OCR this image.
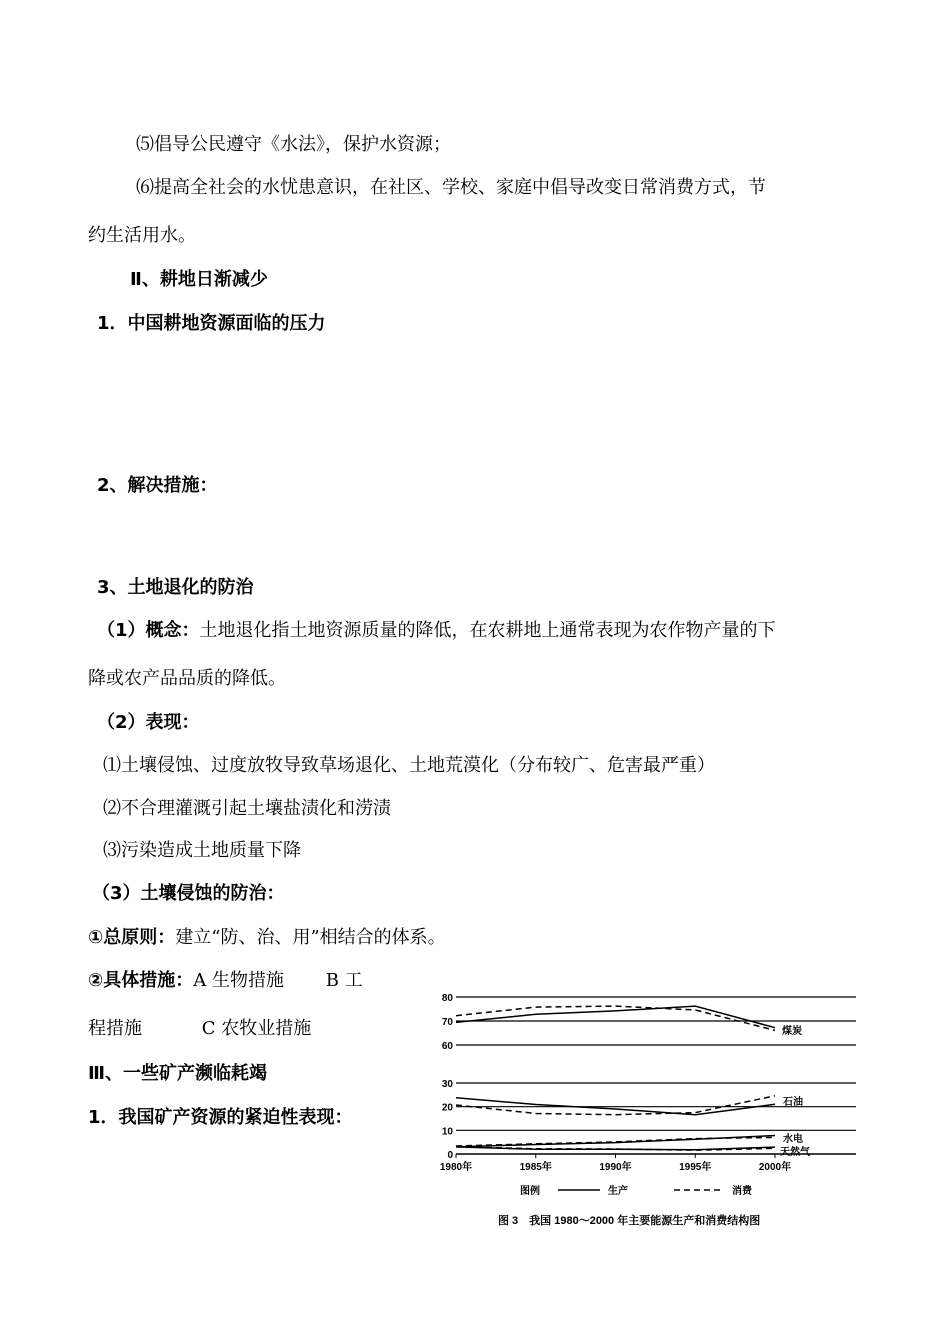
⑸倡导公民遵守《水法》，保护水资源；
⑹提高全社会的水忧患意识，在社区、学校、家庭中倡导改变日常消费方式，节
约生活用水。
Ⅱ、耕地日渐减少
1．中国耕地资源面临的压力
2、解决措施：
3、土地退化的防治
（1）概念：土地退化指土地资源质量的降低，在农耕地上通常表现为农作物产量的下
降或农产品品质的降低。
（2）表现：
⑴土壤侵蚀、过度放牧导致草场退化、土地荒漠化（分布较广、危害最严重）
⑵不合理灌溉引起土壤盐渍化和涝渍
⑶污染造成土地质量下降
（3）土壤侵蚀的防治：
①总原则：建立“防、治、用”相结合的体系。
②具体措施：A 生物措施　　 B 工
程措施　　　 C 农牧业措施
Ⅲ、一些矿产濒临耗竭
1．我国矿产资源的紧迫性表现：
80
70
60
30
20
10
0
1980年	1985年	1990年	1995年	2000年
煤炭
石油
水电
天然气
图例	生产	消费
图 3　我国 1980～2000 年主要能源生产和消费结构图
